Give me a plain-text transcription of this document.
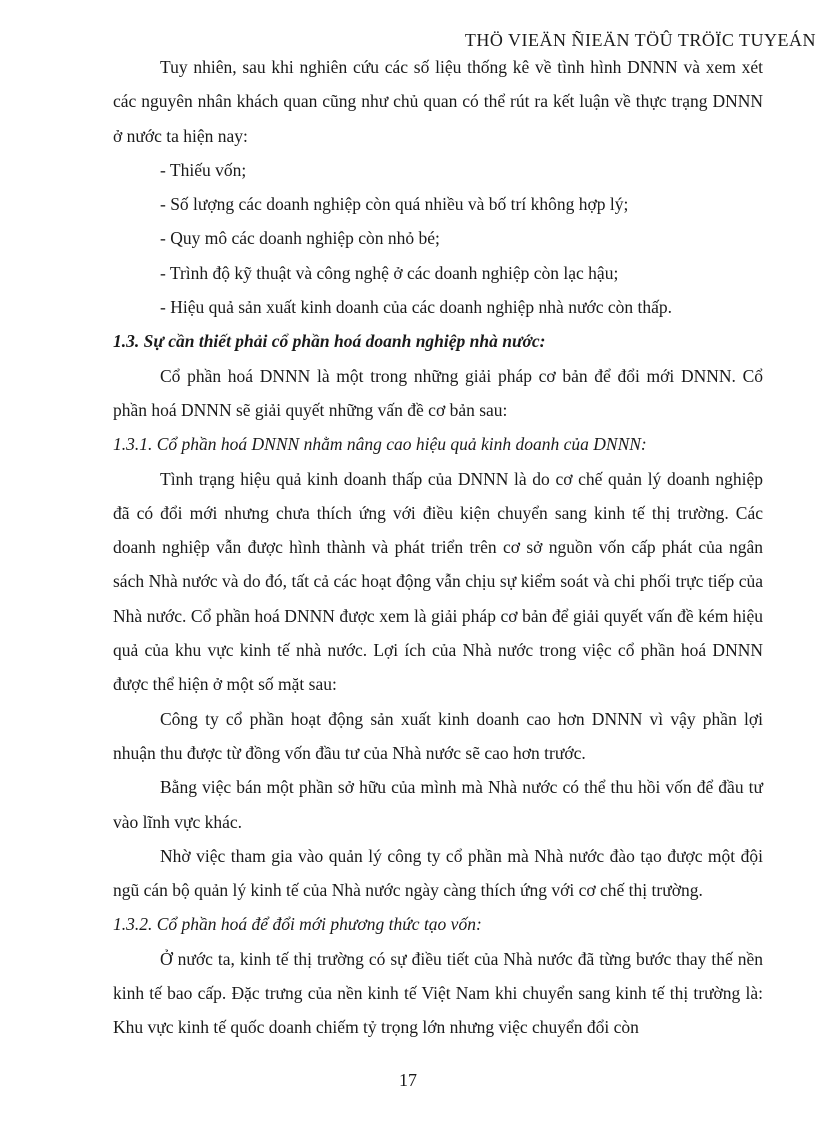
THÖ VIEÄN ÑIEÄN TÖÛ TRÖÏC TUYEÁN

Tuy nhiên, sau khi nghiên cứu các số liệu thống kê về tình hình DNNN và xem xét các nguyên nhân khách quan cũng như chủ quan có thể rút ra kết luận về thực trạng DNNN ở nước ta hiện nay:

- Thiếu vốn;

- Số lượng các doanh nghiệp còn quá nhiều và bố trí không hợp lý;

- Quy mô các doanh nghiệp còn nhỏ bé;

- Trình độ kỹ thuật và công nghệ ở các doanh nghiệp còn lạc hậu;

- Hiệu quả sản xuất kinh doanh của các doanh nghiệp nhà nước còn thấp.

1.3. Sự cần thiết phải cổ phần hoá doanh nghiệp nhà nước:

Cổ phần hoá DNNN là một trong những giải pháp cơ bản để đổi mới DNNN. Cổ phần hoá DNNN sẽ giải quyết những vấn đề cơ bản sau:

1.3.1. Cổ phần hoá DNNN nhằm nâng cao hiệu quả kinh doanh của DNNN:

Tình trạng hiệu quả kinh doanh thấp của DNNN là do cơ chế quản lý doanh nghiệp đã có đổi mới nhưng chưa thích ứng với điều kiện chuyển sang kinh tế thị trường. Các doanh nghiệp vẫn được hình thành và phát triển trên cơ sở nguồn vốn cấp phát của ngân sách Nhà nước và do đó, tất cả các hoạt động vẫn chịu sự kiểm soát và chi phối trực tiếp của Nhà nước. Cổ phần hoá DNNN được xem là giải pháp cơ bản để giải quyết vấn đề kém hiệu quả của khu vực kinh tế nhà nước. Lợi ích của Nhà nước trong việc cổ phần hoá DNNN được thể hiện ở một số mặt sau:

Công ty cổ phần hoạt động sản xuất kinh doanh cao hơn DNNN vì vậy phần lợi nhuận thu được từ đồng vốn đầu tư của Nhà nước sẽ cao hơn trước.

Bằng việc bán một phần sở hữu của mình mà Nhà nước có thể thu hồi vốn để đầu tư vào lĩnh vực khác.

Nhờ việc tham gia vào quản lý công ty cổ phần mà Nhà nước đào tạo được một đội ngũ cán bộ quản lý kinh tế của Nhà nước ngày càng thích ứng với cơ chế thị trường.

1.3.2. Cổ phần hoá để đổi mới phương thức tạo vốn:

Ở nước ta, kinh tế thị trường có sự điều tiết của Nhà nước đã từng bước thay thế nền kinh tế bao cấp. Đặc trưng của nền kinh tế Việt Nam khi chuyển sang kinh tế thị trường là: Khu vực kinh tế quốc doanh chiếm tỷ trọng lớn nhưng việc chuyển đổi còn

17
